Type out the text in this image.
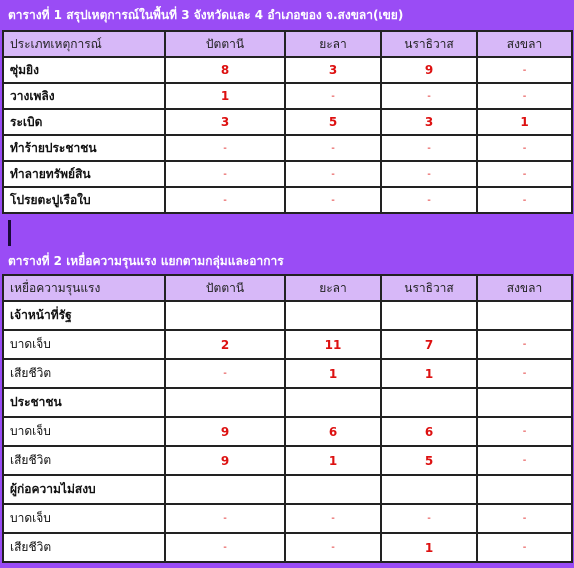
ตารางที่ 1 สรุปเหตุการณ์ในพื้นที่ 3 จังหวัดและ 4 อำเภอของ จ.สงขลา(เขย)
ประเภทเหตุการณ์	ปัตตานี	ยะลา	นราธิวาส	สงขลา
ซุ่มยิง	8	3	9	-
วางเพลิง	1	-	-	-
ระเบิด	3	5	3	1
ทำร้ายประชาชน	-	-	-	-
ทำลายทรัพย์สิน	-	-	-	-
โปรยตะปูเรือใบ	-	-	-	-
ตารางที่ 2 เหยื่อความรุนแรง แยกตามกลุ่มและอาการ
เหยื่อความรุนแรง	ปัตตานี	ยะลา	นราธิวาส	สงขลา
เจ้าหน้าที่รัฐ				
บาดเจ็บ	2	11	7	-
เสียชีวิต	-	1	1	-
ประชาชน				
บาดเจ็บ	9	6	6	-
เสียชีวิต	9	1	5	-
ผู้ก่อความไม่สงบ				
บาดเจ็บ	-	-	-	-
เสียชีวิต	-	-	1	-
